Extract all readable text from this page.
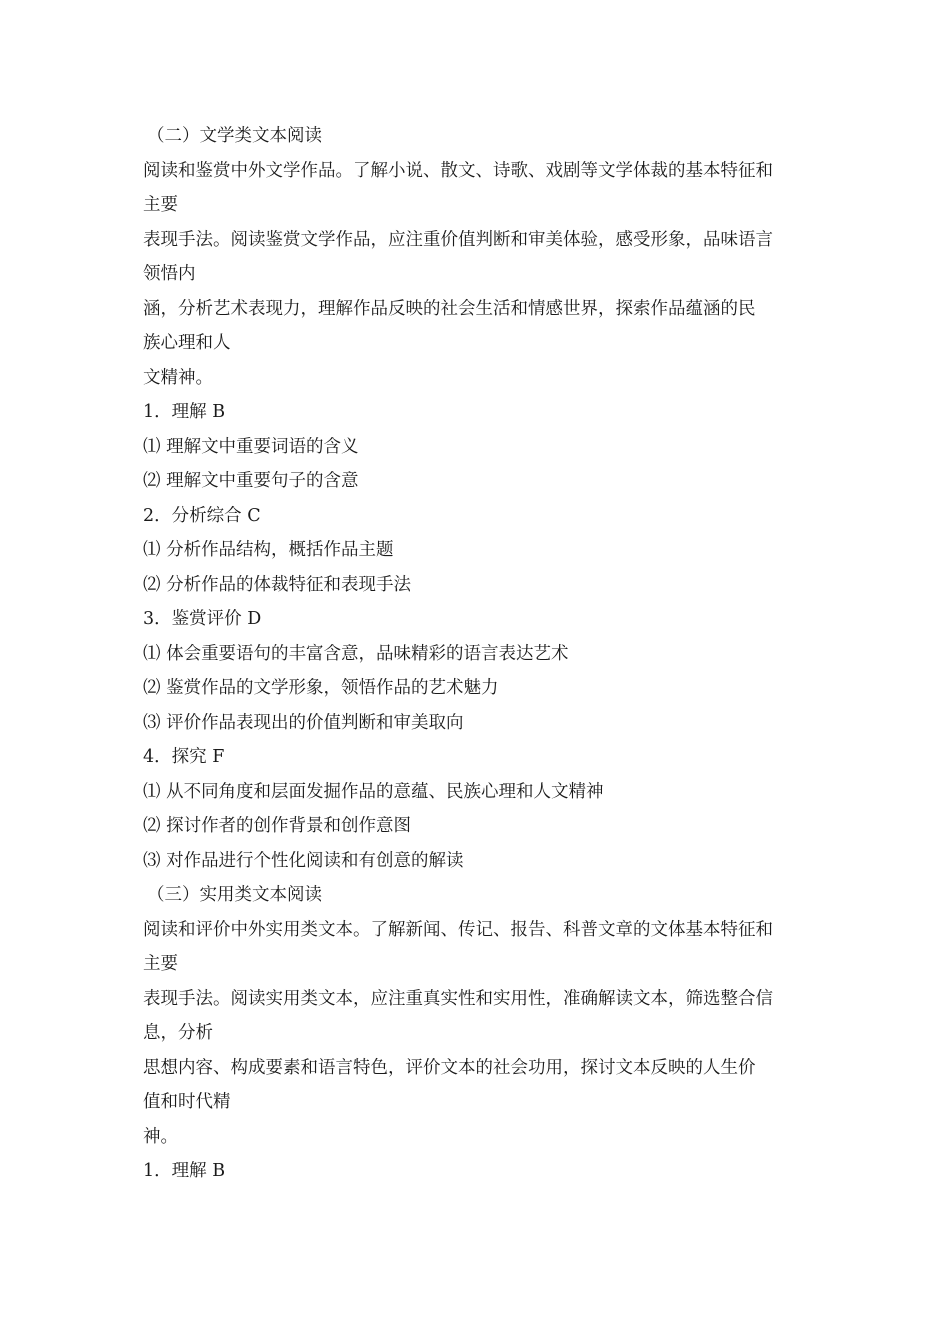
（二）文学类文本阅读
阅读和鉴赏中外文学作品。了解小说、散文、诗歌、戏剧等文学体裁的基本特征和
主要
表现手法。阅读鉴赏文学作品，应注重价值判断和审美体验，感受形象，品味语言
领悟内
涵，分析艺术表现力，理解作品反映的社会生活和情感世界，探索作品蕴涵的民
族心理和人
文精神。
1．理解 B
⑴ 理解文中重要词语的含义
⑵ 理解文中重要句子的含意
2．分析综合 C
⑴ 分析作品结构，概括作品主题
⑵ 分析作品的体裁特征和表现手法
3．鉴赏评价 D
⑴ 体会重要语句的丰富含意，品味精彩的语言表达艺术
⑵ 鉴赏作品的文学形象，领悟作品的艺术魅力
⑶ 评价作品表现出的价值判断和审美取向
4．探究 F
⑴ 从不同角度和层面发掘作品的意蕴、民族心理和人文精神
⑵ 探讨作者的创作背景和创作意图
⑶ 对作品进行个性化阅读和有创意的解读
（三）实用类文本阅读
阅读和评价中外实用类文本。了解新闻、传记、报告、科普文章的文体基本特征和
主要
表现手法。阅读实用类文本，应注重真实性和实用性，准确解读文本，筛选整合信
息，分析
思想内容、构成要素和语言特色，评价文本的社会功用，探讨文本反映的人生价
值和时代精
神。
1．理解 B
